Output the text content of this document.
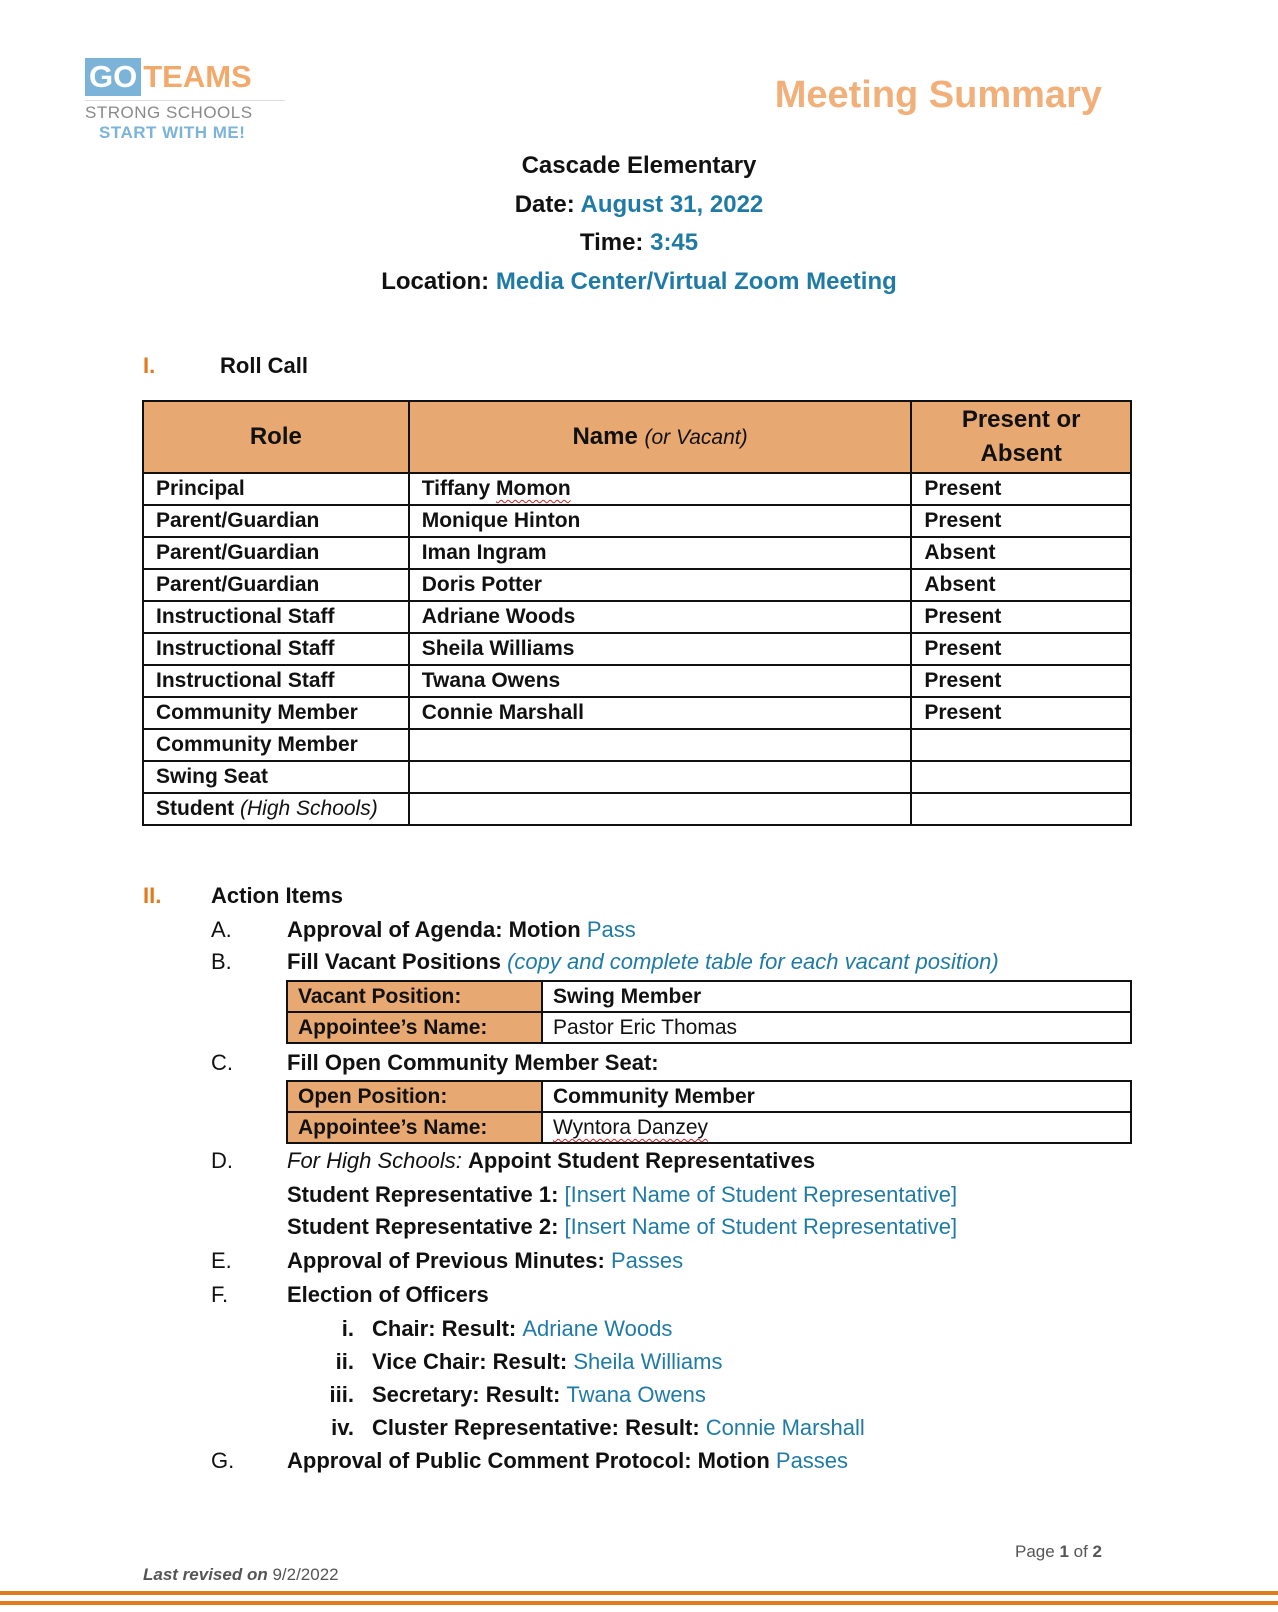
GO TEAMS
STRONG SCHOOLS
START WITH ME!
Meeting Summary
Cascade Elementary
Date: August 31, 2022
Time: 3:45
Location: Media Center/Virtual Zoom Meeting
I.	Roll Call
Role	Name (or Vacant)	Present or Absent
Principal	Tiffany Momon	Present
Parent/Guardian	Monique Hinton	Present
Parent/Guardian	Iman Ingram	Absent
Parent/Guardian	Doris Potter	Absent
Instructional Staff	Adriane Woods	Present
Instructional Staff	Sheila Williams	Present
Instructional Staff	Twana Owens	Present
Community Member	Connie Marshall	Present
Community Member		
Swing Seat		
Student (High Schools)		
II. Action Items
A.	Approval of Agenda: Motion Pass
B.	Fill Vacant Positions (copy and complete table for each vacant position)
Vacant Position:	Swing Member
Appointee’s Name:	Pastor Eric Thomas
C. Fill Open Community Member Seat:
Open Position:	Community Member
Appointee’s Name:	Wyntora Danzey
D. For High Schools: Appoint Student Representatives
Student Representative 1: [Insert Name of Student Representative]
Student Representative 2: [Insert Name of Student Representative]
E.	Approval of Previous Minutes: Passes
F.	Election of Officers
i. Chair: Result: Adriane Woods
ii. Vice Chair: Result: Sheila Williams
iii. Secretary: Result: Twana Owens
iv. Cluster Representative: Result: Connie Marshall
G. Approval of Public Comment Protocol: Motion Passes
Page 1 of 2
Last revised on 9/2/2022
